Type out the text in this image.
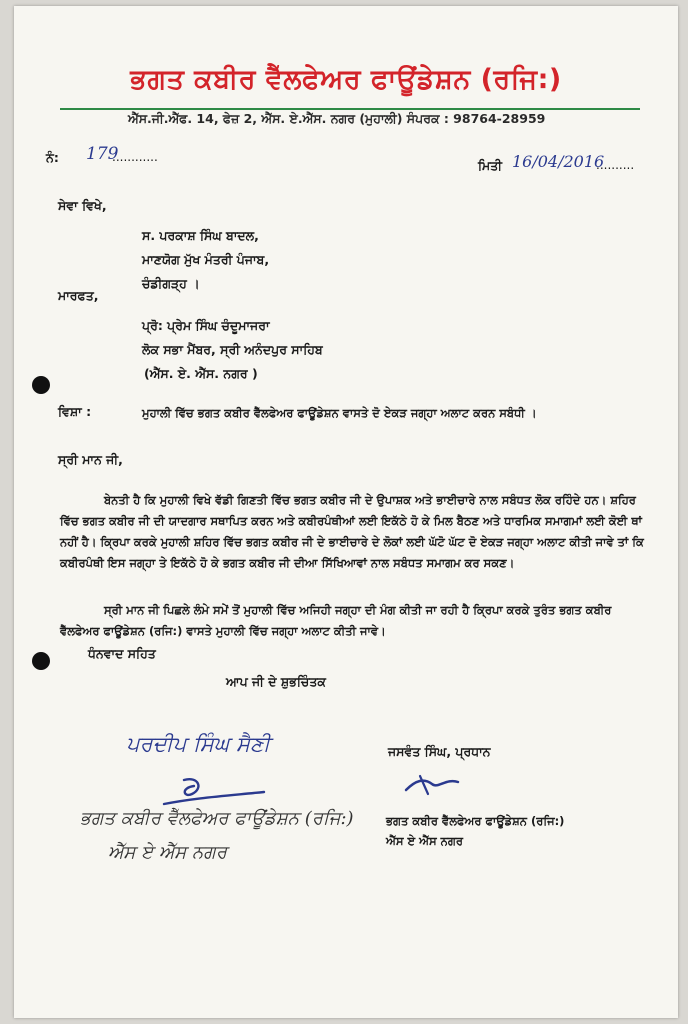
ਭਗਤ ਕਬੀਰ ਵੈੱਲਫੇਅਰ ਫਾਊਂਡੇਸ਼ਨ (ਰਜਿ:)
ਐੱਸ.ਜੀ.ਐੱਫ. 14, ਫੇਜ਼ 2, ਐੱਸ. ਏ.ਐੱਸ. ਨਗਰ (ਮੁਹਾਲੀ) ਸੰਪਰਕ : 98764-28959
ਨੰ: 179
............
ਮਿਤੀ 16/04/2016
..........
ਸੇਵਾ ਵਿਖੇ,
ਸ. ਪਰਕਾਸ਼ ਸਿੰਘ ਬਾਦਲ,
ਮਾਣਯੋਗ ਮੁੱਖ ਮੰਤਰੀ ਪੰਜਾਬ,
ਚੰਡੀਗੜ੍ਹ ।
ਮਾਰਫਤ,
ਪ੍ਰੋ: ਪ੍ਰੇਮ ਸਿੰਘ ਚੰਦੂਮਾਜਰਾ
ਲੋਕ ਸਭਾ ਮੈਂਬਰ, ਸ੍ਰੀ ਅਨੰਦਪੁਰ ਸਾਹਿਬ
(ਐੱਸ. ਏ. ਐੱਸ. ਨਗਰ )
ਵਿਸ਼ਾ :	ਮੁਹਾਲੀ ਵਿੱਚ ਭਗਤ ਕਬੀਰ ਵੈੱਲਫੇਅਰ ਫਾਊਂਡੇਸ਼ਨ ਵਾਸਤੇ ਦੋ ਏਕੜ ਜਗ੍ਹਾ ਅਲਾਟ ਕਰਨ ਸਬੰਧੀ ।
ਸ੍ਰੀ ਮਾਨ ਜੀ,
ਬੇਨਤੀ ਹੈ ਕਿ ਮੁਹਾਲੀ ਵਿਖੇ ਵੱਡੀ ਗਿਣਤੀ ਵਿੱਚ ਭਗਤ ਕਬੀਰ ਜੀ ਦੇ ਉਪਾਸ਼ਕ ਅਤੇ ਭਾਈਚਾਰੇ ਨਾਲ ਸਬੰਧਤ ਲੋਕ ਰਹਿੰਦੇ ਹਨ। ਸ਼ਹਿਰ ਵਿੱਚ ਭਗਤ ਕਬੀਰ ਜੀ ਦੀ ਯਾਦਗਾਰ ਸਥਾਪਿਤ ਕਰਨ ਅਤੇ ਕਬੀਰਪੰਥੀਆਂ ਲਈ ਇਕੱਠੇ ਹੋ ਕੇ ਮਿਲ ਬੈਠਣ ਅਤੇ ਧਾਰਮਿਕ ਸਮਾਗਮਾਂ ਲਈ ਕੋਈ ਥਾਂ ਨਹੀਂ ਹੈ। ਕ੍ਰਿਪਾ ਕਰਕੇ ਮੁਹਾਲੀ ਸ਼ਹਿਰ ਵਿੱਚ ਭਗਤ ਕਬੀਰ ਜੀ ਦੇ ਭਾਈਚਾਰੇ ਦੇ ਲੋਕਾਂ ਲਈ ਘੱਟੋ ਘੱਟ ਦੋ ਏਕੜ ਜਗ੍ਹਾ ਅਲਾਟ ਕੀਤੀ ਜਾਵੇ ਤਾਂ ਕਿ ਕਬੀਰਪੰਥੀ ਇਸ ਜਗ੍ਹਾ ਤੇ ਇਕੱਠੇ ਹੋ ਕੇ ਭਗਤ ਕਬੀਰ ਜੀ ਦੀਆ ਸਿੱਖਿਆਵਾਂ ਨਾਲ ਸਬੰਧਤ ਸਮਾਗਮ ਕਰ ਸਕਣ।
ਸ੍ਰੀ ਮਾਨ ਜੀ ਪਿਛਲੇ ਲੰਮੇ ਸਮੇਂ ਤੋਂ ਮੁਹਾਲੀ ਵਿੱਚ ਅਜਿਹੀ ਜਗ੍ਹਾ ਦੀ ਮੰਗ ਕੀਤੀ ਜਾ ਰਹੀ ਹੈ ਕ੍ਰਿਪਾ ਕਰਕੇ ਤੁਰੰਤ ਭਗਤ ਕਬੀਰ ਵੈੱਲਫੇਅਰ ਫਾਊਂਡੇਸ਼ਨ (ਰਜਿ:) ਵਾਸਤੇ ਮੁਹਾਲੀ ਵਿੱਚ ਜਗ੍ਹਾ ਅਲਾਟ ਕੀਤੀ ਜਾਵੇ।
ਧੰਨਵਾਦ ਸਹਿਤ
ਆਪ ਜੀ ਦੇ ਸ਼ੁਭਚਿੰਤਕ
ਪਰਦੀਪ ਸਿੰਘ ਸੈਣੀ	ਜਸਵੰਤ ਸਿੰਘ, ਪ੍ਰਧਾਨ
ਭਗਤ ਕਬੀਰ ਵੈੱਲਫੇਅਰ ਫਾਊਂਡੇਸ਼ਨ (ਰਜਿ:)
ਐੱਸ ਏ ਐੱਸ ਨਗਰ
ਭਗਤ ਕਬੀਰ ਵੈੱਲਫੇਅਰ ਫਾਊਂਡੇਸ਼ਨ (ਰਜਿ:)
ਐੱਸ ਏ ਐੱਸ ਨਗਰ
